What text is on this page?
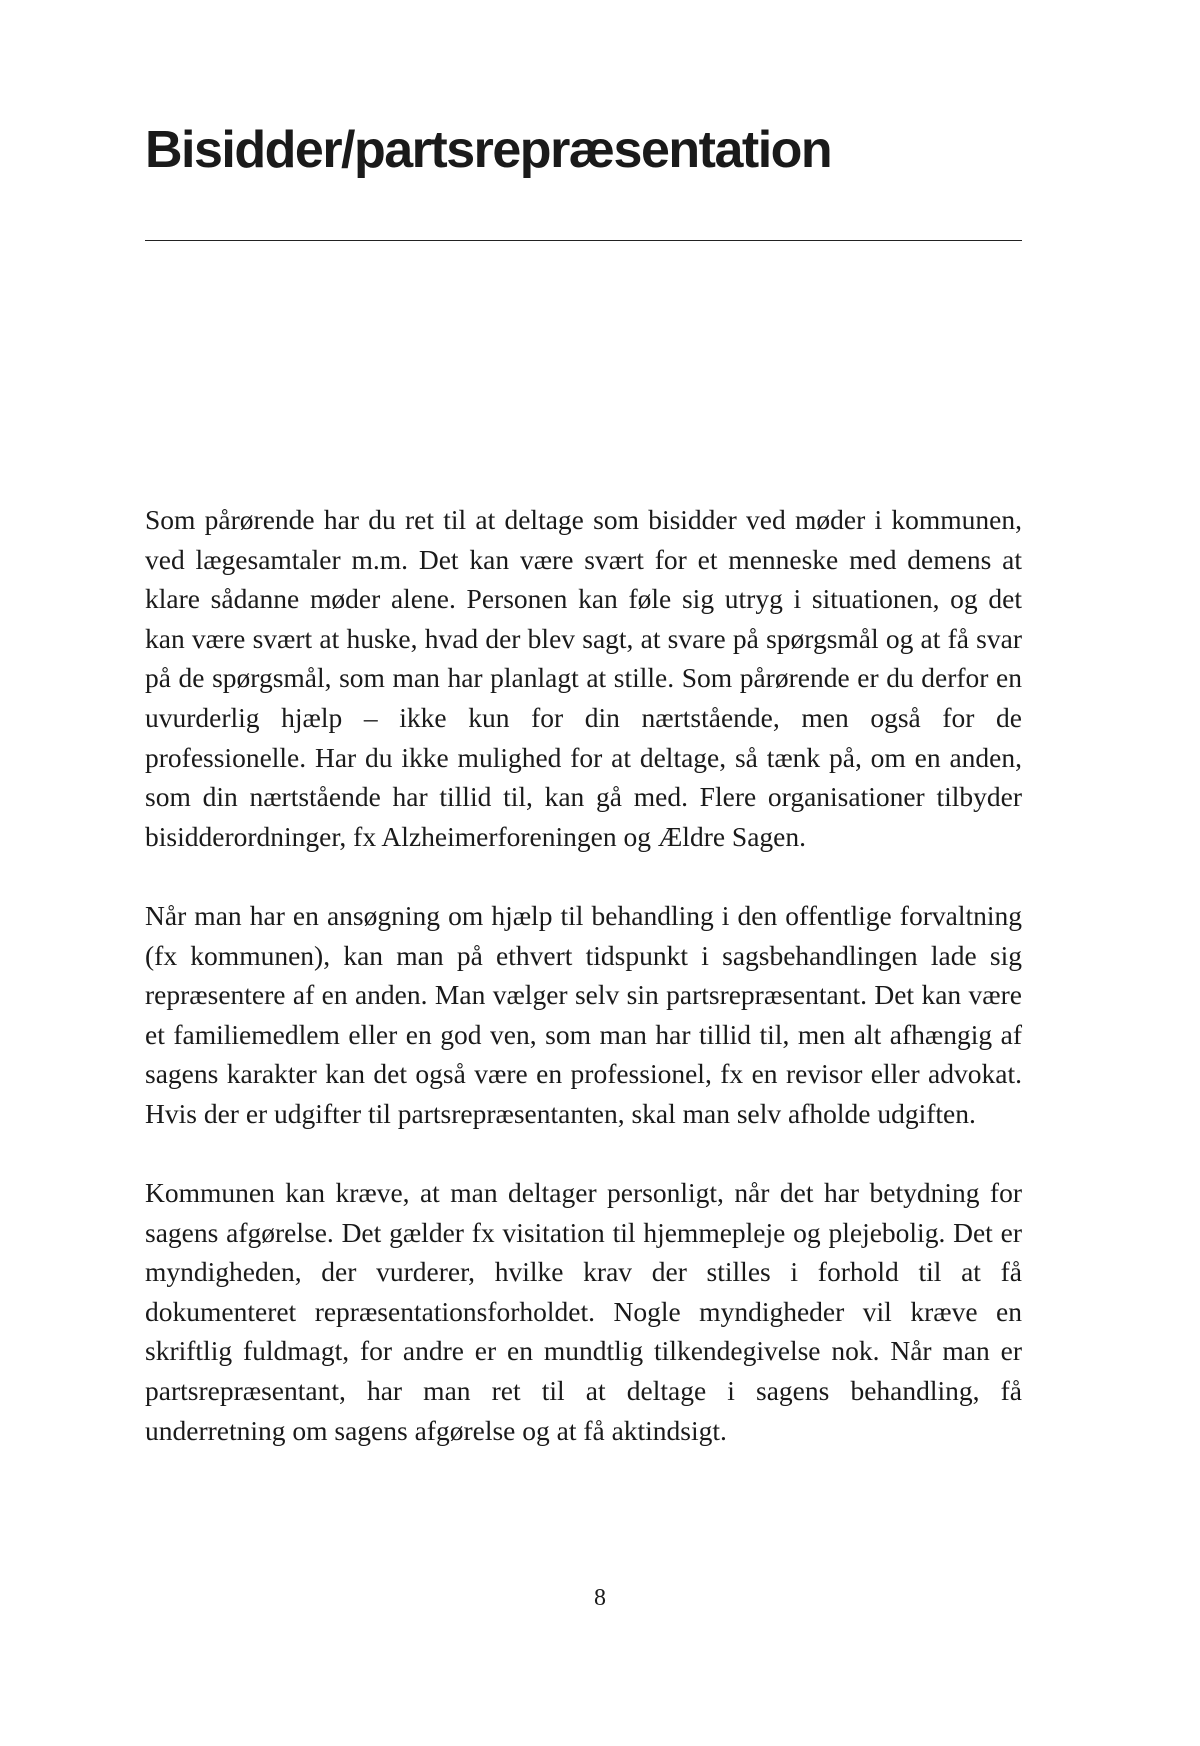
Bisidder/partsrepræsentation

Som pårørende har du ret til at deltage som bisidder ved møder i kommunen, ved lægesamtaler m.m. Det kan være svært for et menneske med demens at klare sådanne møder alene. Personen kan føle sig utryg i situationen, og det kan være svært at huske, hvad der blev sagt, at svare på spørgsmål og at få svar på de spørgsmål, som man har planlagt at stille. Som pårørende er du derfor en uvurderlig hjælp – ikke kun for din nærtstående, men også for de professionelle. Har du ikke mulighed for at deltage, så tænk på, om en anden, som din nærtstående har tillid til, kan gå med. Flere organisationer tilbyder bisidderordninger, fx Alzheimerforeningen og Ældre Sagen.

Når man har en ansøgning om hjælp til behandling i den offentlige forvaltning (fx kommunen), kan man på ethvert tidspunkt i sagsbehandlingen lade sig repræsentere af en anden. Man vælger selv sin partsrepræsentant. Det kan være et familiemedlem eller en god ven, som man har tillid til, men alt afhængig af sagens karakter kan det også være en professionel, fx en revisor eller advokat. Hvis der er udgifter til partsrepræsentanten, skal man selv afholde udgiften.

Kommunen kan kræve, at man deltager personligt, når det har betydning for sagens afgørelse. Det gælder fx visitation til hjemmepleje og plejebolig. Det er myndigheden, der vurderer, hvilke krav der stilles i forhold til at få dokumenteret repræsentationsforholdet. Nogle myndigheder vil kræve en skriftlig fuldmagt, for andre er en mundtlig tilkendegivelse nok. Når man er partsrepræsentant, har man ret til at deltage i sagens behandling, få underretning om sagens afgørelse og at få aktindsigt.

8
